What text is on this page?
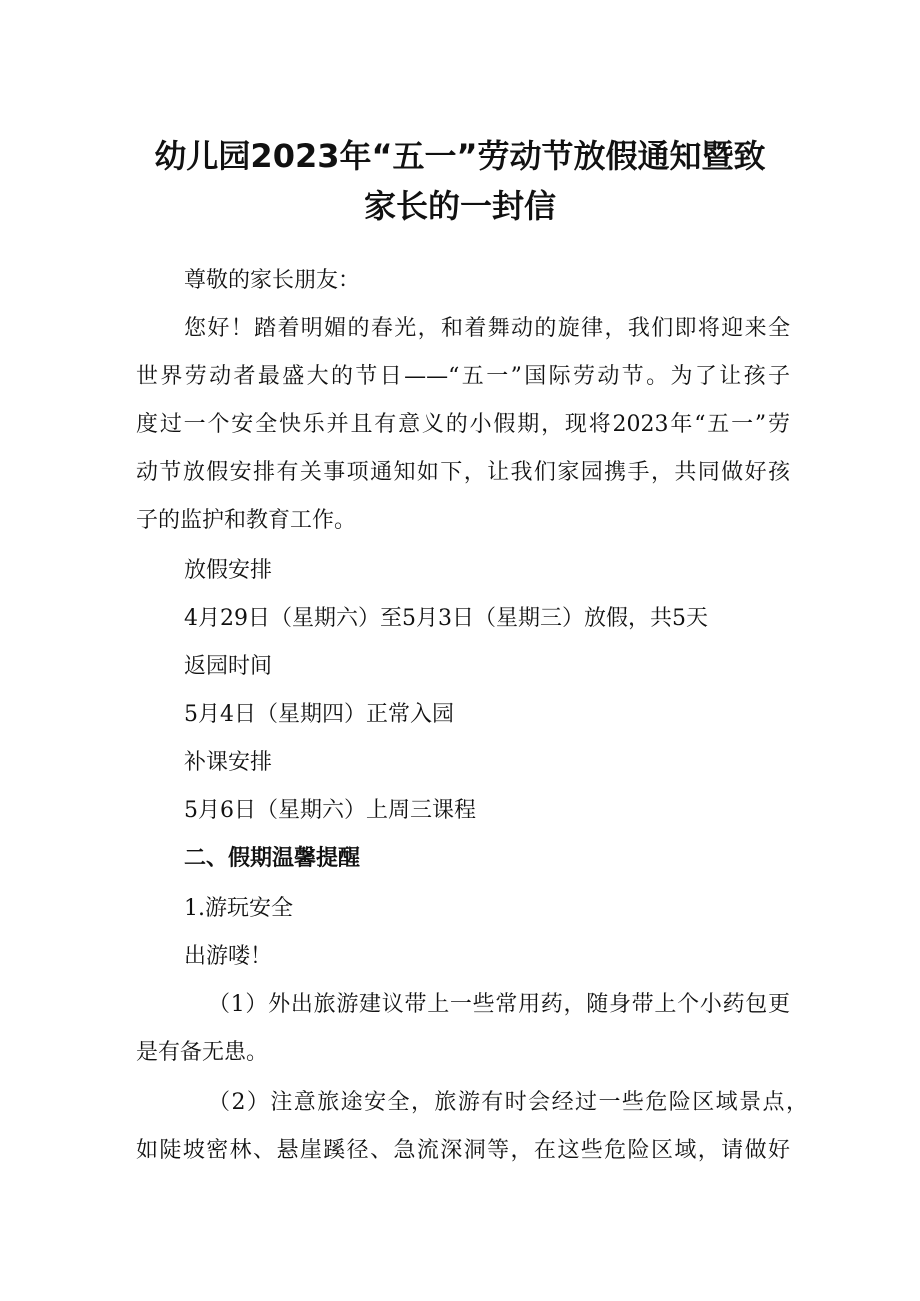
幼儿园2023年“五一”劳动节放假通知暨致
家长的一封信

尊敬的家长朋友：

您好！踏着明媚的春光，和着舞动的旋律，我们即将迎来全

世界劳动者最盛大的节日——“五一”国际劳动节。为了让孩子

度过一个安全快乐并且有意义的小假期，现将2023年“五一”劳

动节放假安排有关事项通知如下，让我们家园携手，共同做好孩

子的监护和教育工作。

放假安排

4月29日（星期六）至5月3日（星期三）放假，共5天

返园时间

5月4日（星期四）正常入园

补课安排

5月6日（星期六）上周三课程

二、假期温馨提醒

1.游玩安全

出游喽！

（1）外出旅游建议带上一些常用药，随身带上个小药包更

是有备无患。

（2）注意旅途安全，旅游有时会经过一些危险区域景点，

如陡坡密林、悬崖蹊径、急流深洞等，在这些危险区域，请做好
